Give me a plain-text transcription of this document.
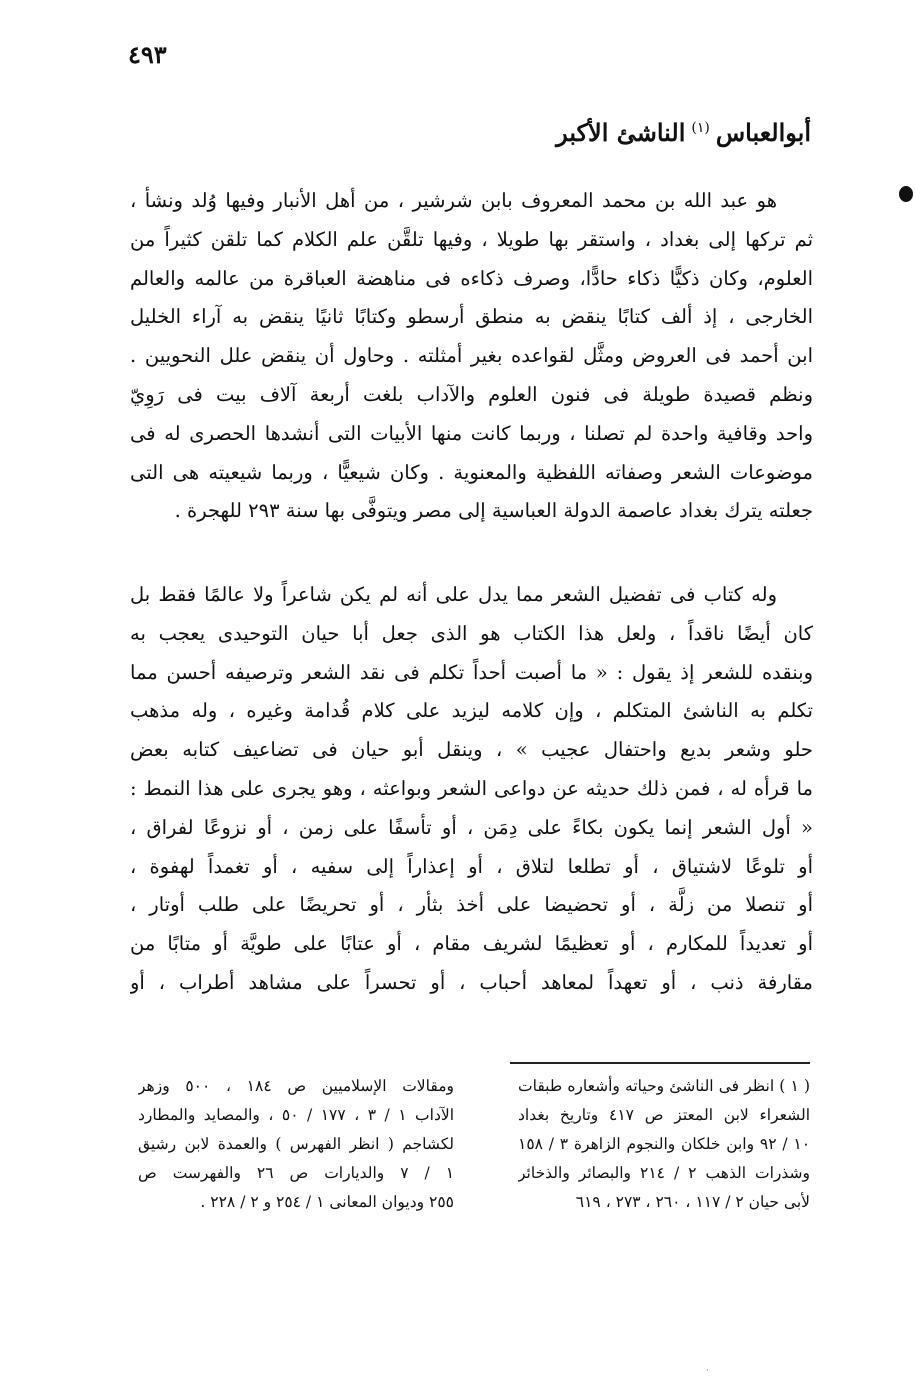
٤٩٣
أبوالعباس$^{(١)}$الناشئ الأكبر
هو عبد الله بن محمد المعروف بابن شرشير ، من أهل الأنبار وفيها وُلد ونشأ ،
ثم تركها إلى بغداد ، واستقر بها طويلا ، وفيها تلقَّن علم الكلام كما تلقن كثيراً من
العلوم، وكان ذكيًّا ذكاء حادًّا، وصرف ذكاءه فى مناهضة العباقرة من عالمه والعالم
الخارجى ، إذ ألف كتابًا ينقض به منطق أرسطو وكتابًا ثانيًا ينقض به آراء الخليل
ابن أحمد فى العروض ومثَّل لقواعده بغير أمثلته . وحاول أن ينقض علل النحويين .
ونظم قصيدة طويلة فى فنون العلوم والآداب بلغت أربعة آلاف بيت فى رَوِيّ
واحد وقافية واحدة لم تصلنا ، وربما كانت منها الأبيات التى أنشدها الحصرى له فى
موضوعات الشعر وصفاته اللفظية والمعنوية . وكان شيعيًّا ، وربما شيعيته هى التى
جعلته يترك بغداد عاصمة الدولة العباسية إلى مصر ويتوفَّى بها سنة ٢٩٣ للهجرة .
وله كتاب فى تفضيل الشعر مما يدل على أنه لم يكن شاعراً ولا عالمًا فقط بل
كان أيضًا ناقداً ، ولعل هذا الكتاب هو الذى جعل أبا حيان التوحيدى يعجب به
وبنقده للشعر إذ يقول : « ما أصبت أحداً تكلم فى نقد الشعر وترصيفه أحسن مما
تكلم به الناشئ المتكلم ، وإن كلامه ليزيد على كلام قُدامة وغيره ، وله مذهب
حلو وشعر بديع واحتفال عجيب » ، وينقل أبو حيان فى تضاعيف كتابه بعض
ما قرأه له ، فمن ذلك حديثه عن دواعى الشعر وبواعثه ، وهو يجرى على هذا النمط :
« أول الشعر إنما يكون بكاءً على دِمَن ، أو تأسفًا على زمن ، أو نزوعًا لفراق ،
أو تلوعًا لاشتياق ، أو تطلعا لتلاق ، أو إعذاراً إلى سفيه ، أو تغمداً لهفوة ،
أو تنصلا من زلَّة ، أو تحضيضا على أخذ بثأر ، أو تحريضًا على طلب أوتار ،
أو تعديداً للمكارم ، أو تعظيمًا لشريف مقام ، أو عتابًا على طويَّة أو متابًا من
مقارفة ذنب ، أو تعهداً لمعاهد أحباب ، أو تحسراً على مشاهد أطراب ، أو
( ١ ) انظر فى الناشئ وحياته وأشعاره طبقات
الشعراء لابن المعتز ص ٤١٧ وتاريخ بغداد
١٠ / ٩٢ وابن خلكان والنجوم الزاهرة ٣ / ١٥٨
وشذرات الذهب ٢ / ٢١٤ والبصائر والذخائر
لأبى حيان ٢ / ١١٧ ، ٢٦٠ ، ٢٧٣ ، ٦١٩
ومقالات الإسلاميين ص ١٨٤ ، ٥٠٠ وزهر
الآداب ١ / ٣ ، ١٧٧ / ٥٠ ، والمصايد والمطارد
لكشاجم ( انظر الفهرس ) والعمدة لابن رشيق
١ / ٧ والديارات ص ٢٦ والفهرست ص
٢٥٥ وديوان المعانى ١ / ٢٥٤ و ٢ / ٢٢٨ .
·
